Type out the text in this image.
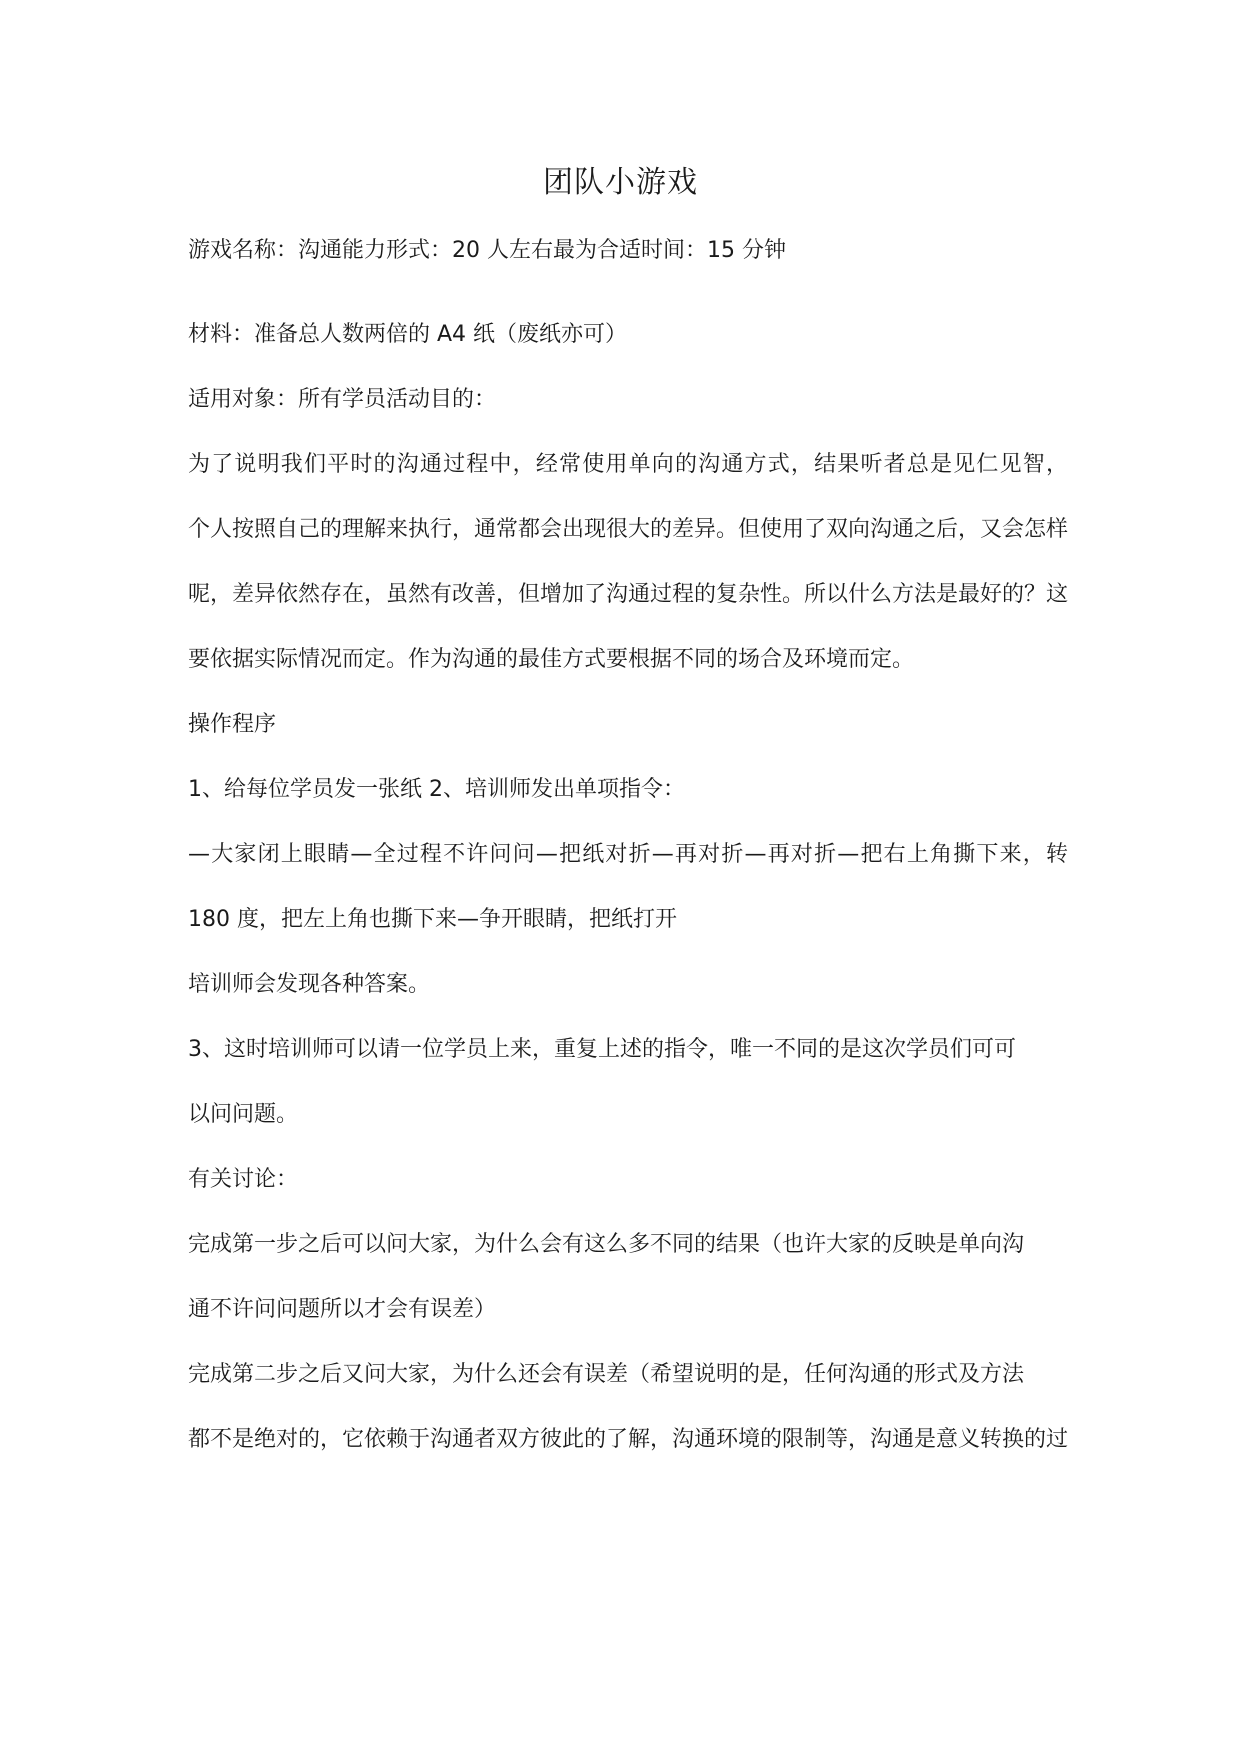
团队小游戏

游戏名称：沟通能力形式：20 人左右最为合适时间：15 分钟

材料：准备总人数两倍的 A4 纸（废纸亦可）

适用对象：所有学员活动目的：

为了说明我们平时的沟通过程中，经常使用单向的沟通方式，结果听者总是见仁见智，

个人按照自己的理解来执行，通常都会出现很大的差异。但使用了双向沟通之后，又会怎样

呢，差异依然存在，虽然有改善，但增加了沟通过程的复杂性。所以什么方法是最好的？这

要依据实际情况而定。作为沟通的最佳方式要根据不同的场合及环境而定。

操作程序

1、给每位学员发一张纸 2、培训师发出单项指令：

—大家闭上眼睛—全过程不许问问—把纸对折—再对折—再对折—把右上角撕下来，转

180 度，把左上角也撕下来—争开眼睛，把纸打开

培训师会发现各种答案。

3、这时培训师可以请一位学员上来，重复上述的指令，唯一不同的是这次学员们可可

以问问题。

有关讨论：

完成第一步之后可以问大家，为什么会有这么多不同的结果（也许大家的反映是单向沟

通不许问问题所以才会有误差）

完成第二步之后又问大家，为什么还会有误差（希望说明的是，任何沟通的形式及方法

都不是绝对的，它依赖于沟通者双方彼此的了解，沟通环境的限制等，沟通是意义转换的过
